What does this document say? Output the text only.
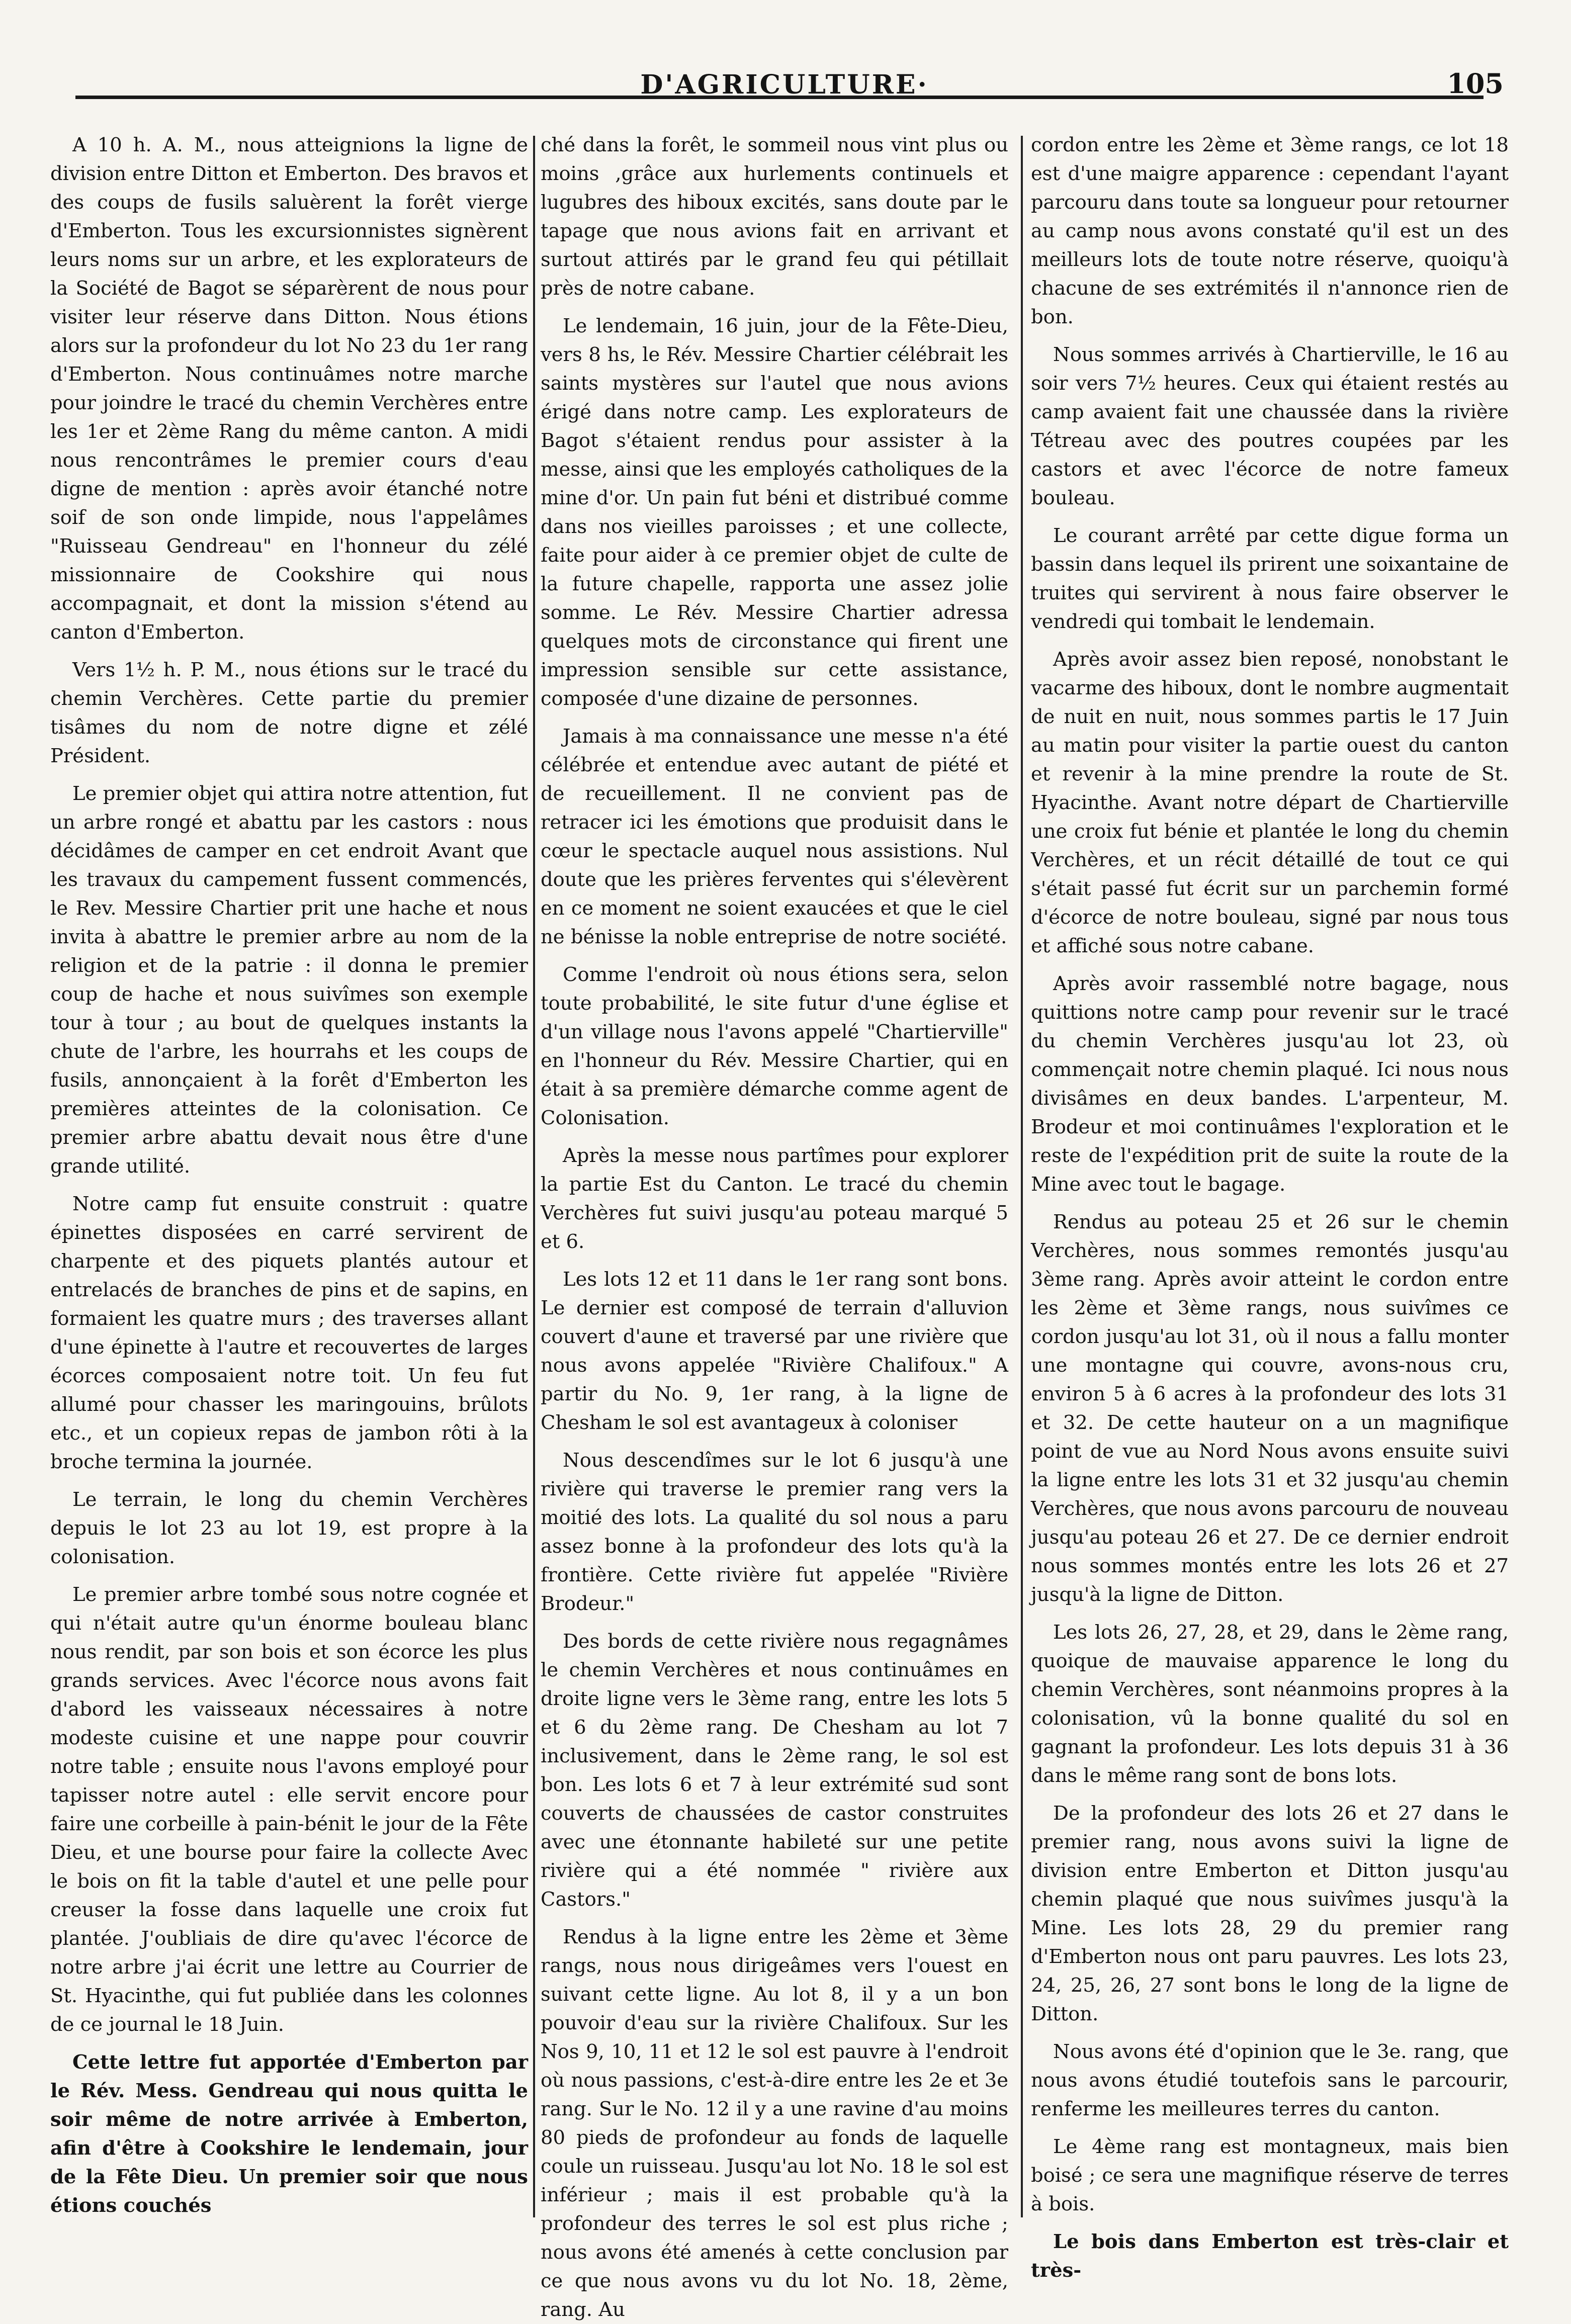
D'AGRICULTURE·	105

A 10 h. A. M., nous atteignions la ligne de division entre Ditton et Emberton. Des bravos et des coups de fusils saluèrent la forêt vierge d'Emberton. Tous les excursionnistes signèrent leurs noms sur un arbre, et les explorateurs de la Société de Bagot se séparèrent de nous pour visiter leur réserve dans Ditton. Nous étions alors sur la profondeur du lot No 23 du 1er rang d'Emberton. Nous continuâmes notre marche pour joindre le tracé du chemin Verchères entre les 1er et 2ème Rang du même canton. A midi nous rencontrâmes le premier cours d'eau digne de mention : après avoir étanché notre soif de son onde limpide, nous l'appelâmes "Ruisseau Gendreau" en l'honneur du zélé missionnaire de Cookshire qui nous accompagnait, et dont la mission s'étend au canton d'Emberton.

Vers 1½ h. P. M., nous étions sur le tracé du chemin Verchères. Cette partie du premier tisâmes du nom de notre digne et zélé Président.

Le premier objet qui attira notre attention, fut un arbre rongé et abattu par les castors : nous décidâmes de camper en cet endroit Avant que les travaux du campement fussent commencés, le Rev. Messire Chartier prit une hache et nous invita à abattre le premier arbre au nom de la religion et de la patrie : il donna le premier coup de hache et nous suivîmes son exemple tour à tour ; au bout de quelques instants la chute de l'arbre, les hourrahs et les coups de fusils, annonçaient à la forêt d'Emberton les premières atteintes de la colonisation. Ce premier arbre abattu devait nous être d'une grande utilité.

Notre camp fut ensuite construit : quatre épinettes disposées en carré servirent de charpente et des piquets plantés autour et entrelacés de branches de pins et de sapins, en formaient les quatre murs ; des traverses allant d'une épinette à l'autre et recouvertes de larges écorces composaient notre toit. Un feu fut allumé pour chasser les maringouins, brûlots etc., et un copieux repas de jambon rôti à la broche termina la journée.

Le terrain, le long du chemin Verchères depuis le lot 23 au lot 19, est propre à la colonisation.

Le premier arbre tombé sous notre cognée et qui n'était autre qu'un énorme bouleau blanc nous rendit, par son bois et son écorce les plus grands services. Avec l'écorce nous avons fait d'abord les vaisseaux nécessaires à notre modeste cuisine et une nappe pour couvrir notre table ; ensuite nous l'avons employé pour tapisser notre autel : elle servit encore pour faire une corbeille à pain-bénit le jour de la Fête Dieu, et une bourse pour faire la collecte Avec le bois on fit la table d'autel et une pelle pour creuser la fosse dans laquelle une croix fut plantée. J'oubliais de dire qu'avec l'écorce de notre arbre j'ai écrit une lettre au Courrier de St. Hyacinthe, qui fut publiée dans les colonnes de ce journal le 18 Juin.

Cette lettre fut apportée d'Emberton par le Rév. Mess. Gendreau qui nous quitta le soir même de notre arrivée à Emberton, afin d'être à Cookshire le lendemain, jour de la Fête Dieu. Un premier soir que nous étions couchés

ché dans la forêt, le sommeil nous vint plus ou moins ,grâce aux hurlements continuels et lugubres des hiboux excités, sans doute par le tapage que nous avions fait en arrivant et surtout attirés par le grand feu qui pétillait près de notre cabane.

Le lendemain, 16 juin, jour de la Fête-Dieu, vers 8 hs, le Rév. Messire Chartier célébrait les saints mystères sur l'autel que nous avions érigé dans notre camp. Les explorateurs de Bagot s'étaient rendus pour assister à la messe, ainsi que les employés catholiques de la mine d'or. Un pain fut béni et distribué comme dans nos vieilles paroisses ; et une collecte, faite pour aider à ce premier objet de culte de la future chapelle, rapporta une assez jolie somme. Le Rév. Messire Chartier adressa quelques mots de circonstance qui firent une impression sensible sur cette assistance, composée d'une dizaine de personnes.

Jamais à ma connaissance une messe n'a été célébrée et entendue avec autant de piété et de recueillement. Il ne convient pas de retracer ici les émotions que produisit dans le cœur le spectacle auquel nous assistions. Nul doute que les prières ferventes qui s'élevèrent en ce moment ne soient exaucées et que le ciel ne bénisse la noble entreprise de notre société.

Comme l'endroit où nous étions sera, selon toute probabilité, le site futur d'une église et d'un village nous l'avons appelé "Chartierville" en l'honneur du Rév. Messire Chartier, qui en était à sa première démarche comme agent de Colonisation.

Après la messe nous partîmes pour explorer la partie Est du Canton. Le tracé du chemin Verchères fut suivi jusqu'au poteau marqué 5 et 6.

Les lots 12 et 11 dans le 1er rang sont bons. Le dernier est composé de terrain d'alluvion couvert d'aune et traversé par une rivière que nous avons appelée "Rivière Chalifoux." A partir du No. 9, 1er rang, à la ligne de Chesham le sol est avantageux à coloniser

Nous descendîmes sur le lot 6 jusqu'à une rivière qui traverse le premier rang vers la moitié des lots. La qualité du sol nous a paru assez bonne à la profondeur des lots qu'à la frontière. Cette rivière fut appelée "Rivière Brodeur."

Des bords de cette rivière nous regagnâmes le chemin Verchères et nous continuâmes en droite ligne vers le 3ème rang, entre les lots 5 et 6 du 2ème rang. De Chesham au lot 7 inclusivement, dans le 2ème rang, le sol est bon. Les lots 6 et 7 à leur extrémité sud sont couverts de chaussées de castor construites avec une étonnante habileté sur une petite rivière qui a été nommée " rivière aux Castors."

Rendus à la ligne entre les 2ème et 3ème rangs, nous nous dirigeâmes vers l'ouest en suivant cette ligne. Au lot 8, il y a un bon pouvoir d'eau sur la rivière Chalifoux. Sur les Nos 9, 10, 11 et 12 le sol est pauvre à l'endroit où nous passions, c'est-à-dire entre les 2e et 3e rang. Sur le No. 12 il y a une ravine d'au moins 80 pieds de profondeur au fonds de laquelle coule un ruisseau. Jusqu'au lot No. 18 le sol est inférieur ; mais il est probable qu'à la profondeur des terres le sol est plus riche ; nous avons été amenés à cette conclusion par ce que nous avons vu du lot No. 18, 2ème, rang. Au

cordon entre les 2ème et 3ème rangs, ce lot 18 est d'une maigre apparence : cependant l'ayant parcouru dans toute sa longueur pour retourner au camp nous avons constaté qu'il est un des meilleurs lots de toute notre réserve, quoiqu'à chacune de ses extrémités il n'annonce rien de bon.

Nous sommes arrivés à Chartierville, le 16 au soir vers 7½ heures. Ceux qui étaient restés au camp avaient fait une chaussée dans la rivière Tétreau avec des poutres coupées par les castors et avec l'écorce de notre fameux bouleau.

Le courant arrêté par cette digue forma un bassin dans lequel ils prirent une soixantaine de truites qui servirent à nous faire observer le vendredi qui tombait le lendemain.

Après avoir assez bien reposé, nonobstant le vacarme des hiboux, dont le nombre augmentait de nuit en nuit, nous sommes partis le 17 Juin au matin pour visiter la partie ouest du canton et revenir à la mine prendre la route de St. Hyacinthe. Avant notre départ de Chartierville une croix fut bénie et plantée le long du chemin Verchères, et un récit détaillé de tout ce qui s'était passé fut écrit sur un parchemin formé d'écorce de notre bouleau, signé par nous tous et affiché sous notre cabane.

Après avoir rassemblé notre bagage, nous quittions notre camp pour revenir sur le tracé du chemin Verchères jusqu'au lot 23, où commençait notre chemin plaqué. Ici nous nous divisâmes en deux bandes. L'arpenteur, M. Brodeur et moi continuâmes l'exploration et le reste de l'expédition prit de suite la route de la Mine avec tout le bagage.

Rendus au poteau 25 et 26 sur le chemin Verchères, nous sommes remontés jusqu'au 3ème rang. Après avoir atteint le cordon entre les 2ème et 3ème rangs, nous suivîmes ce cordon jusqu'au lot 31, où il nous a fallu monter une montagne qui couvre, avons-nous cru, environ 5 à 6 acres à la profondeur des lots 31 et 32. De cette hauteur on a un magnifique point de vue au Nord Nous avons ensuite suivi la ligne entre les lots 31 et 32 jusqu'au chemin Verchères, que nous avons parcouru de nouveau jusqu'au poteau 26 et 27. De ce dernier endroit nous sommes montés entre les lots 26 et 27 jusqu'à la ligne de Ditton.

Les lots 26, 27, 28, et 29, dans le 2ème rang, quoique de mauvaise apparence le long du chemin Verchères, sont néanmoins propres à la colonisation, vû la bonne qualité du sol en gagnant la profondeur. Les lots depuis 31 à 36 dans le même rang sont de bons lots.

De la profondeur des lots 26 et 27 dans le premier rang, nous avons suivi la ligne de division entre Emberton et Ditton jusqu'au chemin plaqué que nous suivîmes jusqu'à la Mine. Les lots 28, 29 du premier rang d'Emberton nous ont paru pauvres. Les lots 23, 24, 25, 26, 27 sont bons le long de la ligne de Ditton.

Nous avons été d'opinion que le 3e. rang, que nous avons étudié toutefois sans le parcourir, renferme les meilleures terres du canton.

Le 4ème rang est montagneux, mais bien boisé ; ce sera une magnifique réserve de terres à bois.

Le bois dans Emberton est très-clair et très-
